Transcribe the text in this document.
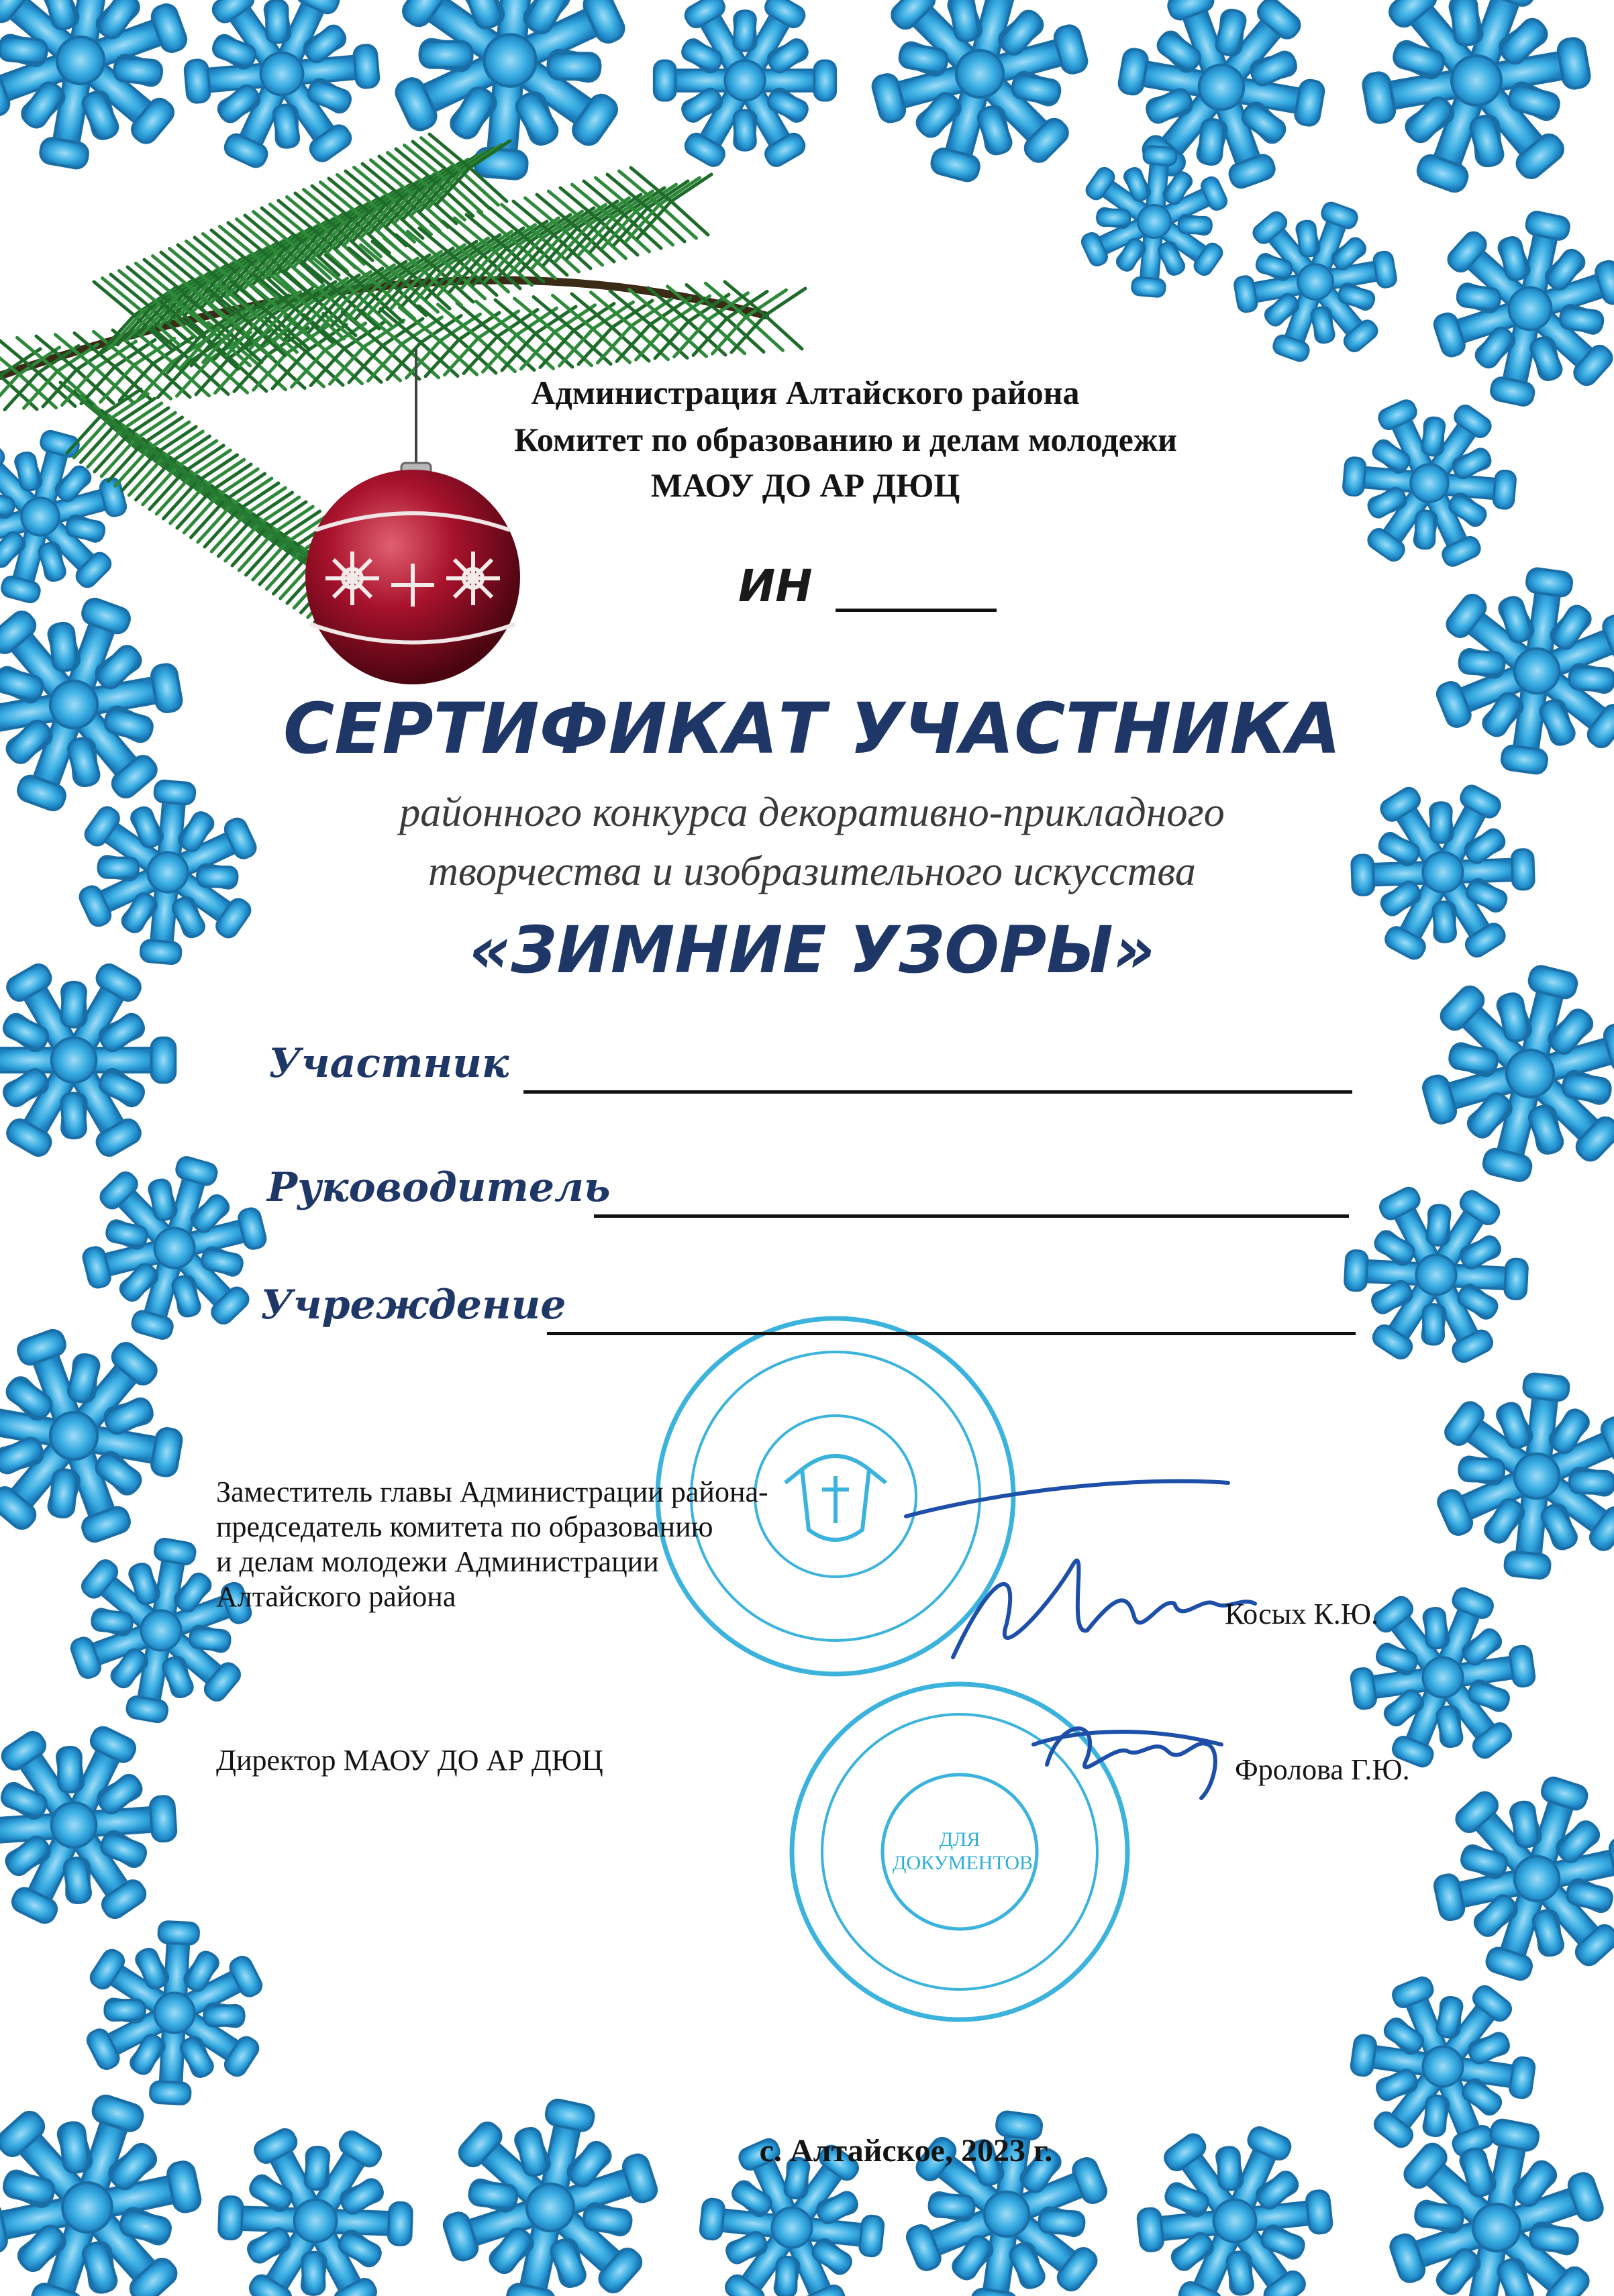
Администрация Алтайского района
Комитет по образованию и делам молодежи
МАОУ ДО АР ДЮЦ
ИН
СЕРТИФИКАТ УЧАСТНИКА
районного конкурса декоративно-прикладного
творчества и изобразительного искусства
«ЗИМНИЕ УЗОРЫ»
Участник
Руководитель
Учреждение
Заместитель главы Администрации района-
председатель комитета по образованию
и делам молодежи Администрации
Алтайского района
Косых К.Ю.
Директор МАОУ ДО АР ДЮЦ	Фролова Г.Ю.
ДЛЯ
ДОКУМЕНТОВ
с. Алтайское, 2023 г.
